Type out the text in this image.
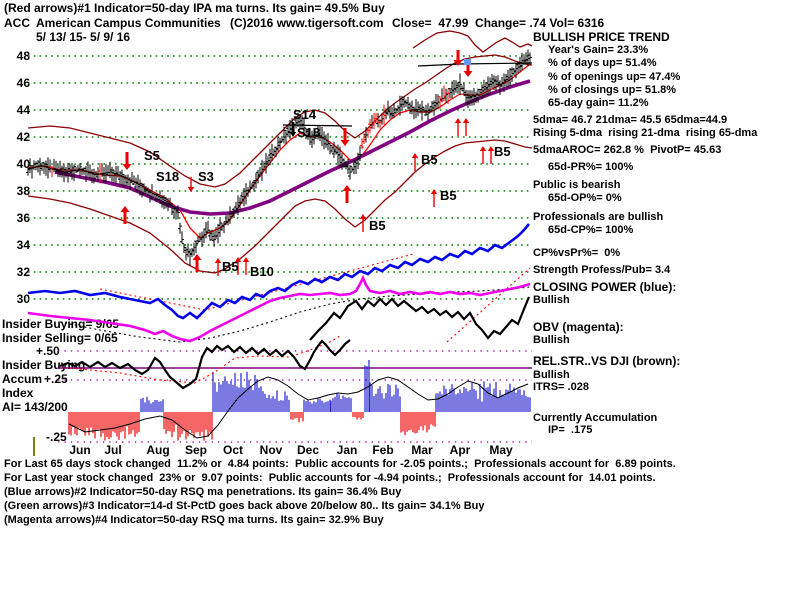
(Red arrows)#1 Indicator=50-day IPA ma turns. Its gain= 49.5% Buy
ACC American Campus Communities (C)2016 www.tigersoft.com Close=  47.99  Change= .74 Vol= 6316
5/ 13/ 15- 5/ 9/ 16	BULLISH PRICE TREND
Year's Gain= 23.3%
% of days up= 51.4%
% of openings up= 47.4%
% of closings up= 51.8%
65-day gain= 11.2%
5dma= 46.7 21dma= 45.5 65dma=44.9
Rising 5-dma  rising 21-dma  rising 65-dma
5dmaAROC= 262.8 %  PivotP= 45.63
65d-PR%= 100%
Public is bearish
65d-OP%= 0%
Professionals are bullish
65d-CP%= 100%
CP%vsPr%=  0%
Strength Profess/Pub= 3.4
CLOSING POWER (blue):
Bullish
OBV (magenta):
Bullish
REL.STR..VS DJI (brown):
Bullish
ITRS= .028
Currently Accumulation
IP=  .175
Insider Buying= 9/65
Insider Selling= 0/65
+.50
Insider Buying
Accum +.25
Index
AI= 143/200
-.25
48
46
44
42
40
38
36
34
32
30
Jun	Jul	Aug Sep Oct Nov Dec Jan Feb Mar Apr May
S5
S18 S3
S14
S18
B5 B10
B5
B5
B5
B5
For Last 65 days stock changed  11.2% or  4.84 points:  Public accounts for -2.05 points.;  Professionals account for  6.89 points.
For Last year stock changed  23% or  9.07 points:  Public accounts for -4.94 points.;  Professionals account for  14.01 points.
(Blue arrows)#2 Indicator=50-day RSQ ma penetrations. Its gain= 36.4% Buy
(Green arrows)#3 Indicator=14-d St-PctD goes back above 20/below 80.. Its gain= 34.1% Buy
(Magenta arrows)#4 Indicator=50-day RSQ ma turns. Its gain= 32.9% Buy
